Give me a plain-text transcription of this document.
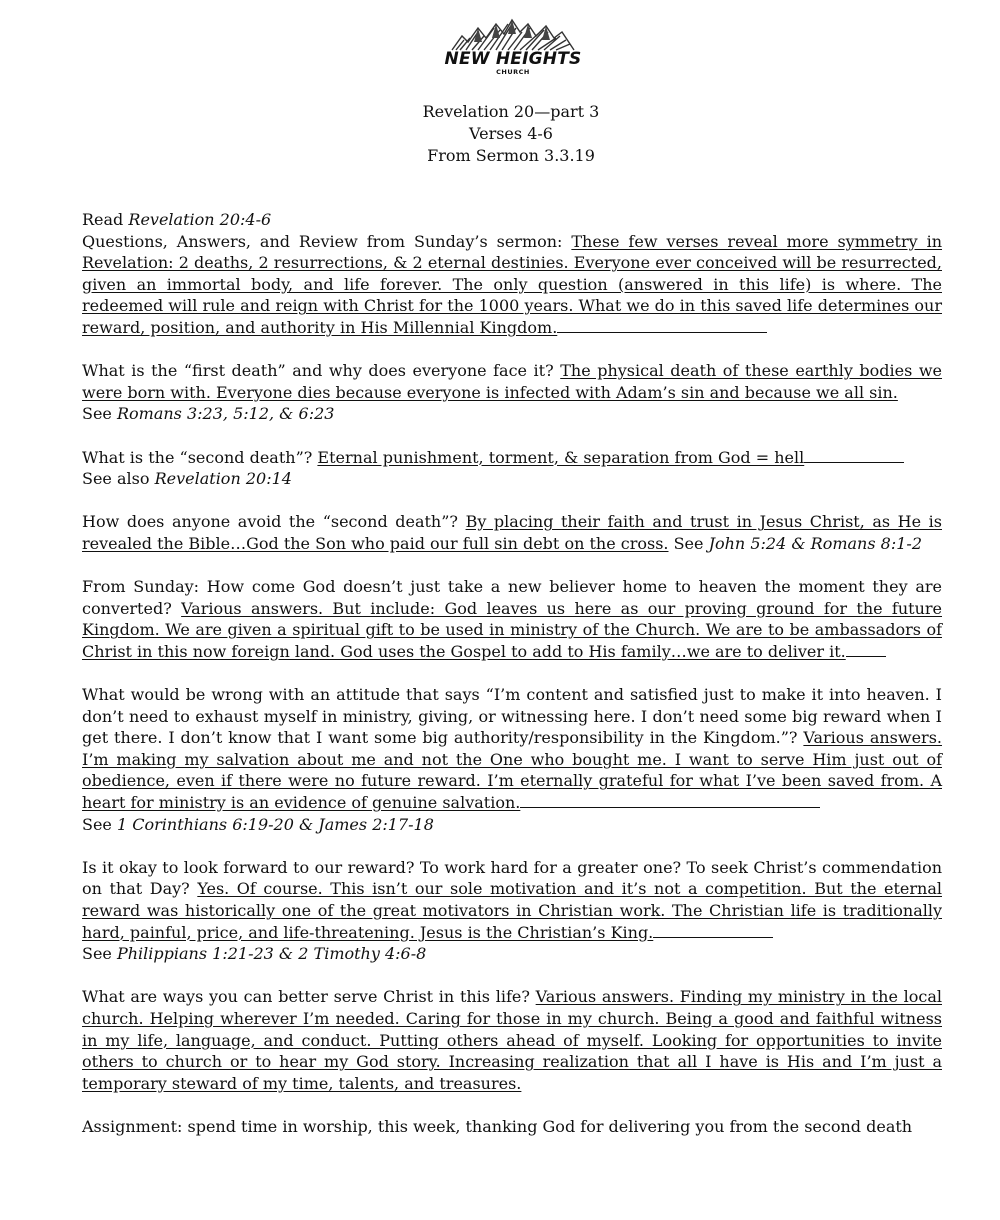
NEW HEIGHTS
CHURCH
Revelation 20—part 3
Verses 4-6
From Sermon 3.3.19

Read Revelation 20:4-6
Questions, Answers, and Review from Sunday’s sermon: These few verses reveal more symmetry in Revelation: 2 deaths, 2 resurrections, & 2 eternal destinies. Everyone ever conceived will be resurrected, given an immortal body, and life forever. The only question (answered in this life) is where. The redeemed will rule and reign with Christ for the 1000 years. What we do in this saved life determines our reward, position, and authority in His Millennial Kingdom.

What is the “first death” and why does everyone face it? The physical death of these earthly bodies we were born with. Everyone dies because everyone is infected with Adam’s sin and because we all sin.
See Romans 3:23, 5:12, & 6:23

What is the “second death”? Eternal punishment, torment, & separation from God = hell
See also Revelation 20:14

How does anyone avoid the “second death”? By placing their faith and trust in Jesus Christ, as He is revealed the Bible…God the Son who paid our full sin debt on the cross. See John 5:24 & Romans 8:1-2

From Sunday: How come God doesn’t just take a new believer home to heaven the moment they are converted? Various answers. But include: God leaves us here as our proving ground for the future Kingdom. We are given a spiritual gift to be used in ministry of the Church. We are to be ambassadors of Christ in this now foreign land. God uses the Gospel to add to His family…we are to deliver it.

What would be wrong with an attitude that says “I’m content and satisfied just to make it into heaven. I don’t need to exhaust myself in ministry, giving, or witnessing here. I don’t need some big reward when I get there. I don’t know that I want some big authority/responsibility in the Kingdom.”? Various answers. I’m making my salvation about me and not the One who bought me. I want to serve Him just out of obedience, even if there were no future reward. I’m eternally grateful for what I’ve been saved from. A heart for ministry is an evidence of genuine salvation.
See 1 Corinthians 6:19-20 & James 2:17-18

Is it okay to look forward to our reward? To work hard for a greater one? To seek Christ’s commendation on that Day? Yes. Of course. This isn’t our sole motivation and it’s not a competition. But the eternal reward was historically one of the great motivators in Christian work. The Christian life is traditionally hard, painful, price, and life-threatening. Jesus is the Christian’s King.
See Philippians 1:21-23 & 2 Timothy 4:6-8

What are ways you can better serve Christ in this life? Various answers. Finding my ministry in the local church. Helping wherever I’m needed. Caring for those in my church. Being a good and faithful witness in my life, language, and conduct. Putting others ahead of myself. Looking for opportunities to invite others to church or to hear my God story. Increasing realization that all I have is His and I’m just a temporary steward of my time, talents, and treasures.

Assignment: spend time in worship, this week, thanking God for delivering you from the second death
